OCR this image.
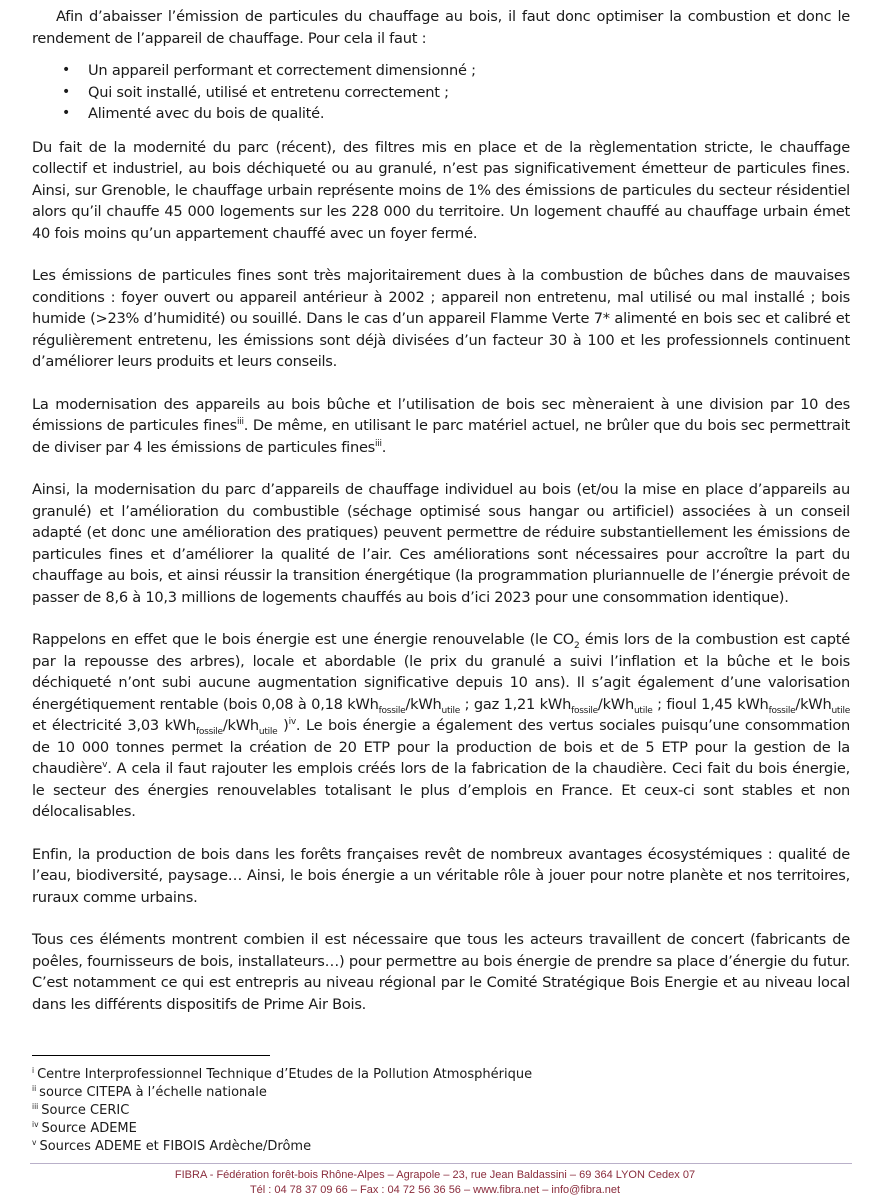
Afin d’abaisser l’émission de particules du chauffage au bois, il faut donc optimiser la combustion et donc le rendement de l’appareil de chauffage. Pour cela il faut :

• Un appareil performant et correctement dimensionné ;
• Qui soit installé, utilisé et entretenu correctement ;
• Alimenté avec du bois de qualité.

Du fait de la modernité du parc (récent), des filtres mis en place et de la règlementation stricte, le chauffage collectif et industriel, au bois déchiqueté ou au granulé, n’est pas significativement émetteur de particules fines. Ainsi, sur Grenoble, le chauffage urbain représente moins de 1% des émissions de particules du secteur résidentiel alors qu’il chauffe 45 000 logements sur les 228 000 du territoire. Un logement chauffé au chauffage urbain émet 40 fois moins qu’un appartement chauffé avec un foyer fermé.

Les émissions de particules fines sont très majoritairement dues à la combustion de bûches dans de mauvaises conditions : foyer ouvert ou appareil antérieur à 2002 ; appareil non entretenu, mal utilisé ou mal installé ; bois humide (>23% d’humidité) ou souillé. Dans le cas d’un appareil Flamme Verte 7* alimenté en bois sec et calibré et régulièrement entretenu, les émissions sont déjà divisées d’un facteur 30 à 100 et les professionnels continuent d’améliorer leurs produits et leurs conseils.

La modernisation des appareils au bois bûche et l’utilisation de bois sec mèneraient à une division par 10 des émissions de particules fines$^{iii}$. De même, en utilisant le parc matériel actuel, ne brûler que du bois sec permettrait de diviser par 4 les émissions de particules fines$^{iii}$.

Ainsi, la modernisation du parc d’appareils de chauffage individuel au bois (et/ou la mise en place d’appareils au granulé) et l’amélioration du combustible (séchage optimisé sous hangar ou artificiel) associées à un conseil adapté (et donc une amélioration des pratiques) peuvent permettre de réduire substantiellement les émissions de particules fines et d’améliorer la qualité de l’air. Ces améliorations sont nécessaires pour accroître la part du chauffage au bois, et ainsi réussir la transition énergétique (la programmation pluriannuelle de l’énergie prévoit de passer de 8,6 à 10,3 millions de logements chauffés au bois d’ici 2023 pour une consommation identique).

Rappelons en effet que le bois énergie est une énergie renouvelable (le $CO_2$ émis lors de la combustion est capté par la repousse des arbres), locale et abordable (le prix du granulé a suivi l’inflation et la bûche et le bois déchiqueté n’ont subi aucune augmentation significative depuis 10 ans). Il s’agit également d’une valorisation énergétiquement rentable (bois 0,08 à 0,18 kWh$_{fossile}$/kWh$_{utile}$ ; gaz 1,21 kWh$_{fossile}$/kWh$_{utile}$ ; fioul 1,45 kWh$_{fossile}$/kWh$_{utile}$ et électricité 3,03 kWh$_{fossile}$/kWh$_{utile}$ )$^{iv}$. Le bois énergie a également des vertus sociales puisqu’une consommation de 10 000 tonnes permet la création de 20 ETP pour la production de bois et de 5 ETP pour la gestion de la chaudière$^v$. A cela il faut rajouter les emplois créés lors de la fabrication de la chaudière. Ceci fait du bois énergie, le secteur des énergies renouvelables totalisant le plus d’emplois en France. Et ceux-ci sont stables et non délocalisables.

Enfin, la production de bois dans les forêts françaises revêt de nombreux avantages écosystémiques : qualité de l’eau, biodiversité, paysage… Ainsi, le bois énergie a un véritable rôle à jouer pour notre planète et nos territoires, ruraux comme urbains.

Tous ces éléments montrent combien il est nécessaire que tous les acteurs travaillent de concert (fabricants de poêles, fournisseurs de bois, installateurs…) pour permettre au bois énergie de prendre sa place d’énergie du futur. C’est notamment ce qui est entrepris au niveau régional par le Comité Stratégique Bois Energie et au niveau local dans les différents dispositifs de Prime Air Bois.

$^i$ Centre Interprofessionnel Technique d’Etudes de la Pollution Atmosphérique
$^{ii}$ source CITEPA à l’échelle nationale
$^{iii}$ Source CERIC
$^{iv}$ Source ADEME
$^v$ Sources ADEME et FIBOIS Ardèche/Drôme
FIBRA - Fédération forêt-bois Rhône-Alpes – Agrapole – 23, rue Jean Baldassini – 69 364 LYON Cedex 07
Tél : 04 78 37 09 66 – Fax : 04 72 56 36 56 – www.fibra.net – info@fibra.net
